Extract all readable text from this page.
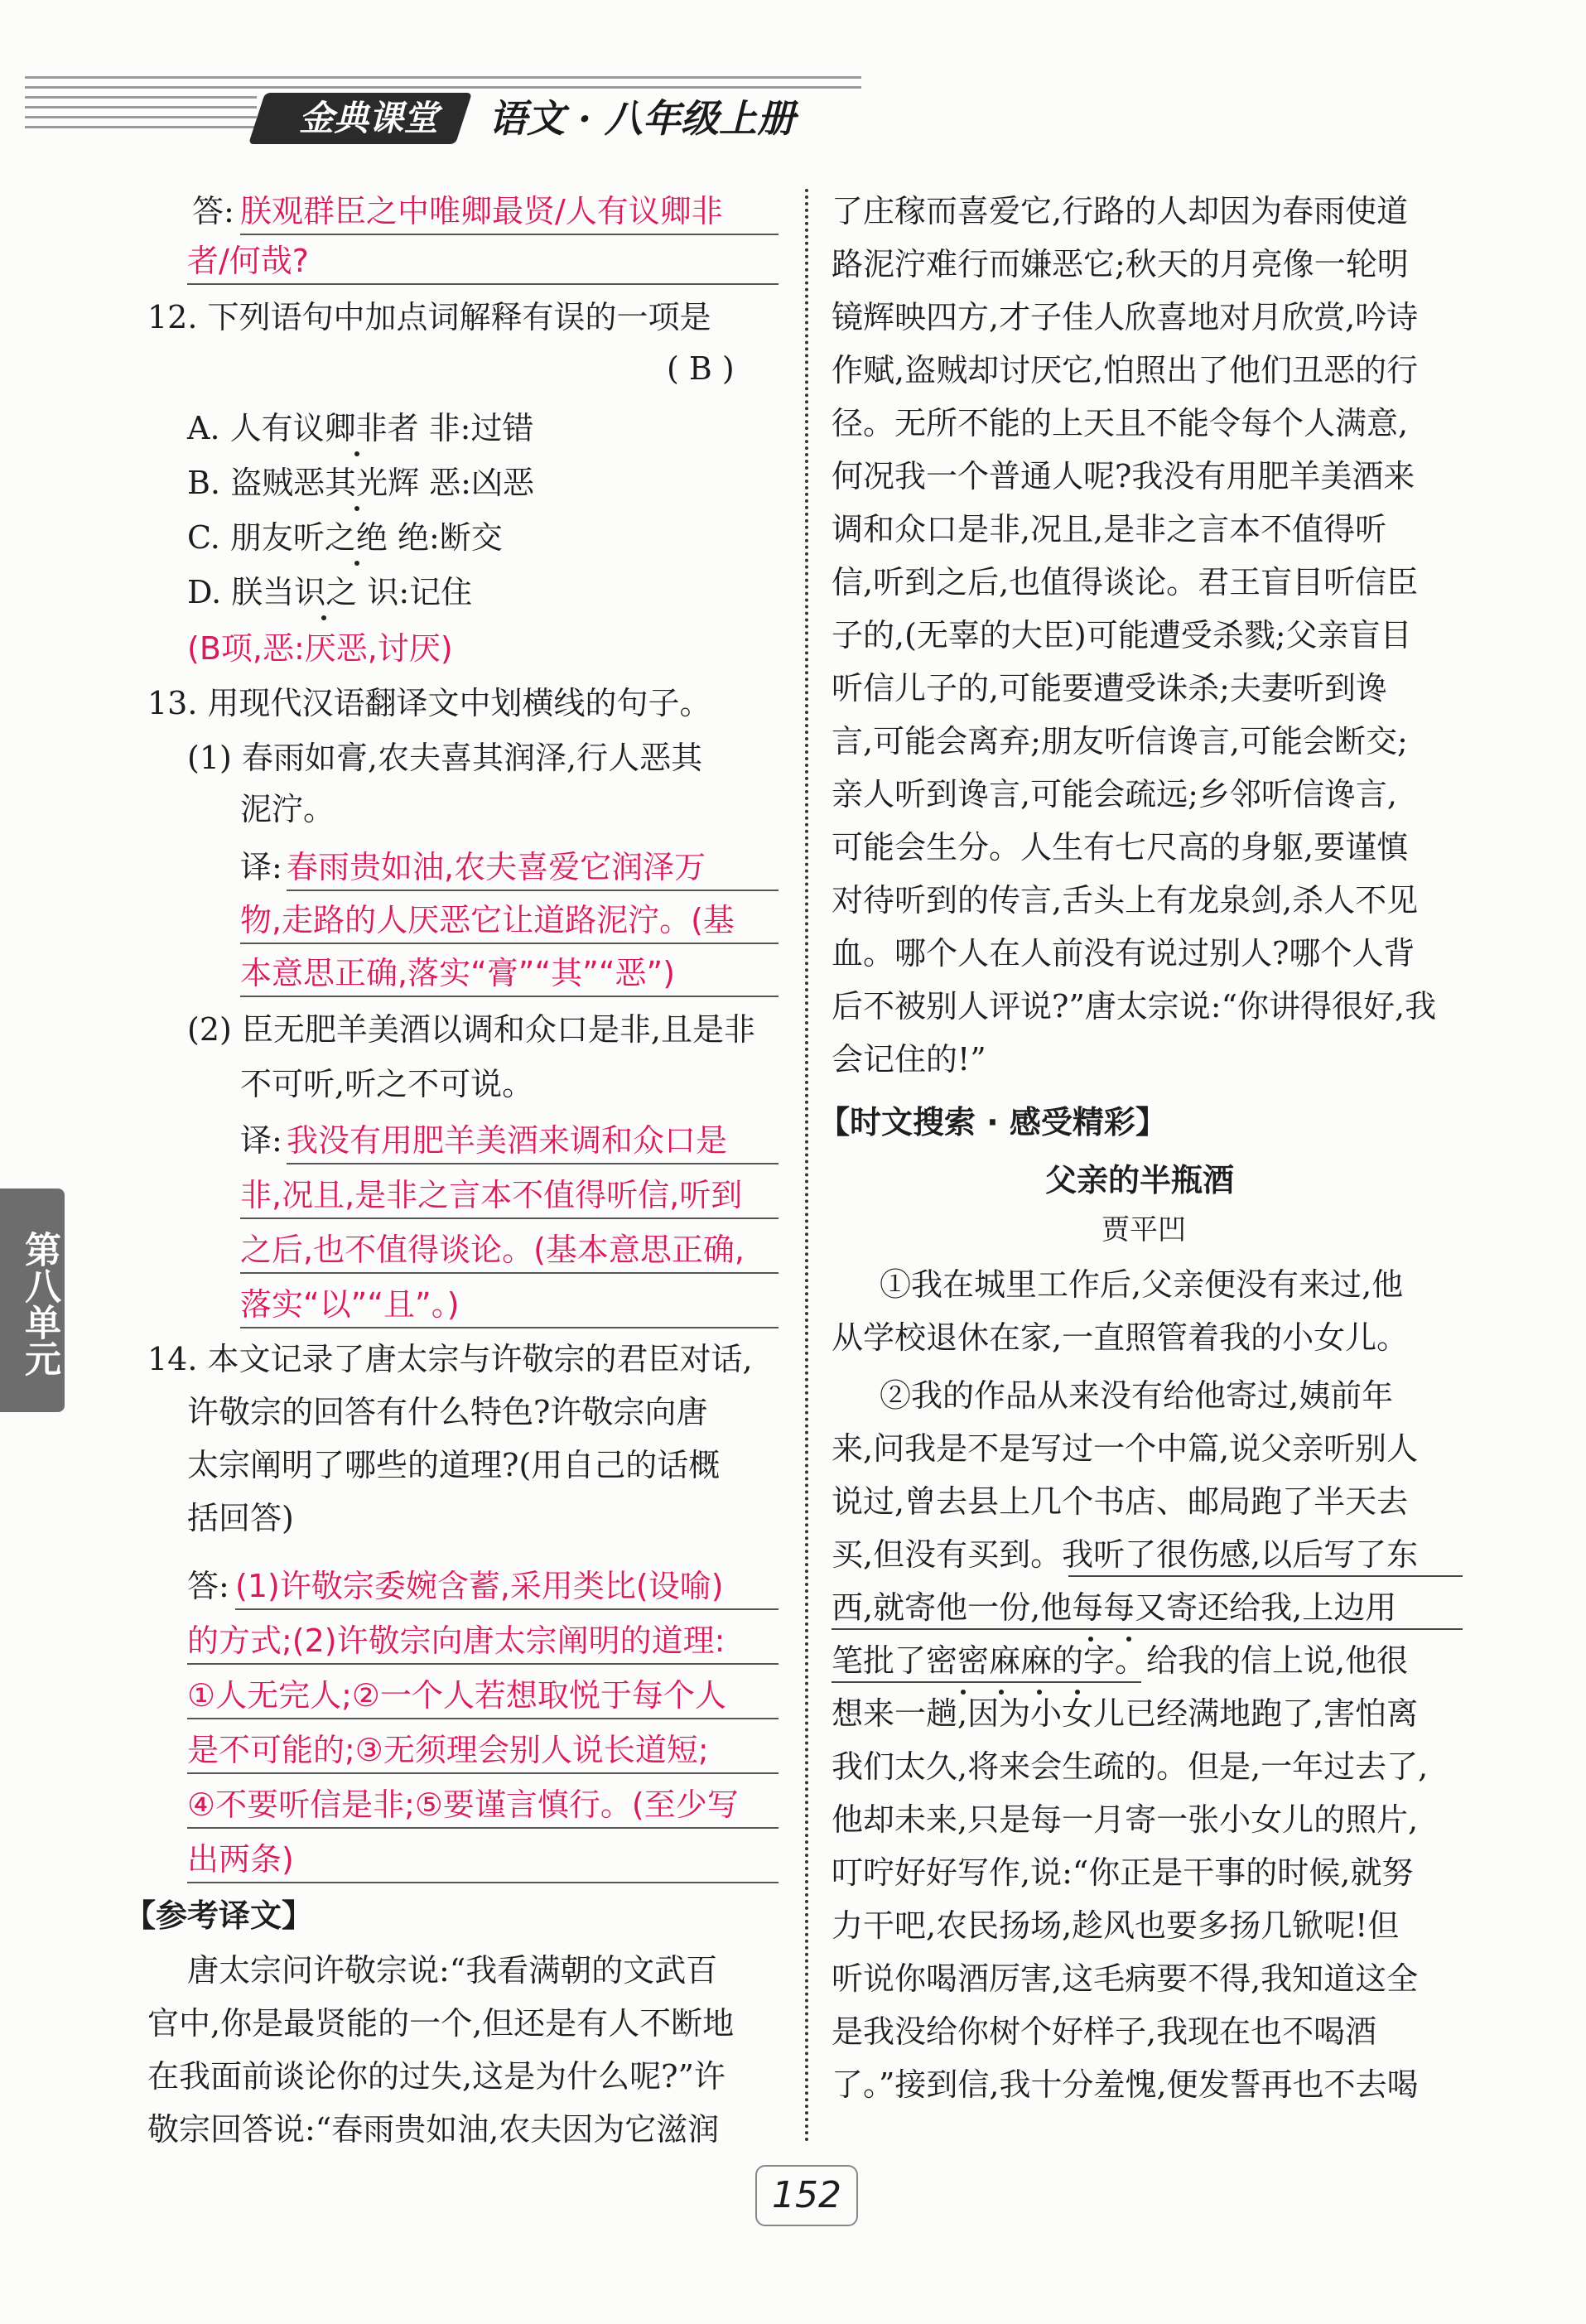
金典课堂	语文 · 八年级上册
第八单元
答: 朕观群臣之中唯卿最贤/人有议卿非
者/何哉?
12. 下列语句中加点词解释有误的一项是
( B )
A. 人有议卿非者 非:过错
B. 盗贼恶其光辉 恶:凶恶
C. 朋友听之绝 绝:断交
D. 朕当识之 识:记住
(B项,恶:厌恶,讨厌)
13. 用现代汉语翻译文中划横线的句子。
(1) 春雨如膏,农夫喜其润泽,行人恶其
泥泞。
译: 春雨贵如油,农夫喜爱它润泽万
物,走路的人厌恶它让道路泥泞。(基
本意思正确,落实“膏”“其”“恶”)
(2) 臣无肥羊美酒以调和众口是非,且是非
不可听,听之不可说。
译: 我没有用肥羊美酒来调和众口是
非,况且,是非之言本不值得听信,听到
之后,也不值得谈论。(基本意思正确,
落实“以”“且”。)
14. 本文记录了唐太宗与许敬宗的君臣对话,
许敬宗的回答有什么特色?许敬宗向唐
太宗阐明了哪些的道理?(用自己的话概
括回答)
答: (1)许敬宗委婉含蓄,采用类比(设喻)
的方式;(2)许敬宗向唐太宗阐明的道理:
①人无完人;②一个人若想取悦于每个人
是不可能的;③无须理会别人说长道短;
④不要听信是非;⑤要谨言慎行。(至少写
出两条)
【参考译文】
唐太宗问许敬宗说:“我看满朝的文武百
官中,你是最贤能的一个,但还是有人不断地
在我面前谈论你的过失,这是为什么呢?”许
敬宗回答说:“春雨贵如油,农夫因为它滋润
了庄稼而喜爱它,行路的人却因为春雨使道
路泥泞难行而嫌恶它;秋天的月亮像一轮明
镜辉映四方,才子佳人欣喜地对月欣赏,吟诗
作赋,盗贼却讨厌它,怕照出了他们丑恶的行
径。无所不能的上天且不能令每个人满意,
何况我一个普通人呢?我没有用肥羊美酒来
调和众口是非,况且,是非之言本不值得听
信,听到之后,也值得谈论。君王盲目听信臣
子的,(无辜的大臣)可能遭受杀戮;父亲盲目
听信儿子的,可能要遭受诛杀;夫妻听到谗
言,可能会离弃;朋友听信谗言,可能会断交;
亲人听到谗言,可能会疏远;乡邻听信谗言,
可能会生分。人生有七尺高的身躯,要谨慎
对待听到的传言,舌头上有龙泉剑,杀人不见
血。哪个人在人前没有说过别人?哪个人背
后不被别人评说?”唐太宗说:“你讲得很好,我
会记住的!”
【时文搜索 · 感受精彩】
父亲的半瓶酒
贾平凹
①我在城里工作后,父亲便没有来过,他
从学校退休在家,一直照管着我的小女儿。
②我的作品从来没有给他寄过,姨前年
来,问我是不是写过一个中篇,说父亲听别人
说过,曾去县上几个书店、邮局跑了半天去
买,但没有买到。我听了很伤感,以后写了东
西,就寄他一份,他每每又寄还给我,上边用
笔批了密密麻麻的字。给我的信上说,他很
想来一趟,因为小女儿已经满地跑了,害怕离
我们太久,将来会生疏的。但是,一年过去了,
他却未来,只是每一月寄一张小女儿的照片,
叮咛好好写作,说:“你正是干事的时候,就努
力干吧,农民扬场,趁风也要多扬几锨呢!但
听说你喝酒厉害,这毛病要不得,我知道这全
是我没给你树个好样子,我现在也不喝酒
了。”接到信,我十分羞愧,便发誓再也不去喝
152
